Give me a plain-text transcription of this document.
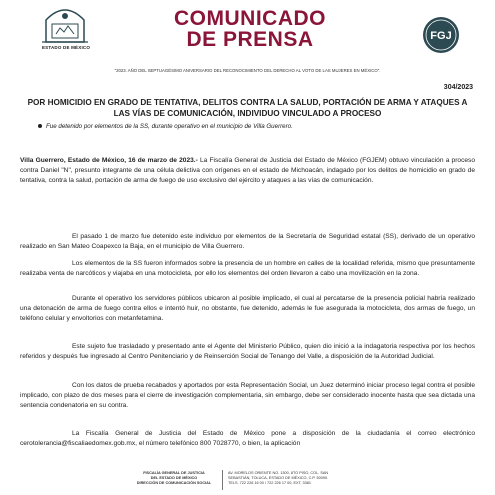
ESTADO DE MÉXICO
COMUNICADO
DE PRENSA	FGJ
"2023. AÑO DEL SEPTUAGÉSIMO ANIVERSARIO DEL RECONOCIMIENTO DEL DERECHO AL VOTO DE LAS MUJERES EN MÉXICO".
304/2023
POR HOMICIDIO EN GRADO DE TENTATIVA, DELITOS CONTRA LA SALUD, PORTACIÓN DE ARMA Y ATAQUES A LAS VÍAS DE COMUNICACIÓN, INDIVIDUO VINCULADO A PROCESO
Fue detenido por elementos de la SS, durante operativo en el municipio de Villa Guerrero.
Villa Guerrero, Estado de México, 16 de marzo de 2023.- La Fiscalía General de Justicia del Estado de México (FGJEM) obtuvo vinculación a proceso contra Daniel "N", presunto integrante de una célula delictiva con orígenes en el estado de Michoacán, indagado por los delitos de homicidio en grado de tentativa, contra la salud, portación de arma de fuego de uso exclusivo del ejército y ataques a las vías de comunicación.
El pasado 1 de marzo fue detenido este individuo por elementos de la Secretaría de Seguridad estatal (SS), derivado de un operativo realizado en San Mateo Coapexco la Baja, en el municipio de Villa Guerrero.
Los elementos de la SS fueron informados sobre la presencia de un hombre en calles de la localidad referida, mismo que presuntamente realizaba venta de narcóticos y viajaba en una motocicleta, por ello los elementos del orden llevaron a cabo una movilización en la zona.
Durante el operativo los servidores públicos ubicaron al posible implicado, el cual al percatarse de la presencia policial habría realizado una detonación de arma de fuego contra ellos e intentó huir, no obstante, fue detenido, además le fue asegurada la motocicleta, dos armas de fuego, un teléfono celular y envoltorios con metanfetamina.
Este sujeto fue trasladado y presentado ante el Agente del Ministerio Público, quien dio inició a la indagatoria respectiva por los hechos referidos y después fue ingresado al Centro Penitenciario y de Reinserción Social de Tenango del Valle, a disposición de la Autoridad Judicial.
Con los datos de prueba recabados y aportados por esta Representación Social, un Juez determinó iniciar proceso legal contra el posible implicado, con plazo de dos meses para el cierre de investigación complementaria, sin embargo, debe ser considerado inocente hasta que sea dictada una sentencia condenatoria en su contra.
La Fiscalía General de Justicia del Estado de México pone a disposición de la ciudadanía el correo electrónico cerotolerancia@fiscaliaedomex.gob.mx, el número telefónico 800 7028770, o bien, la aplicación
FISCALÍA GENERAL DE JUSTICIA
DEL ESTADO DE MÉXICO
DIRECCIÓN DE COMUNICACIÓN SOCIAL
AV. MORELOS ORIENTE NO. 1300, 8TO PISO, COL. SAN
SEBASTIÁN, TOLUCA, ESTADO DE MÉXICO, C.P. 50090.
TELS. 722 226 16 00 / 722 226 17 00, EXT. 3381
